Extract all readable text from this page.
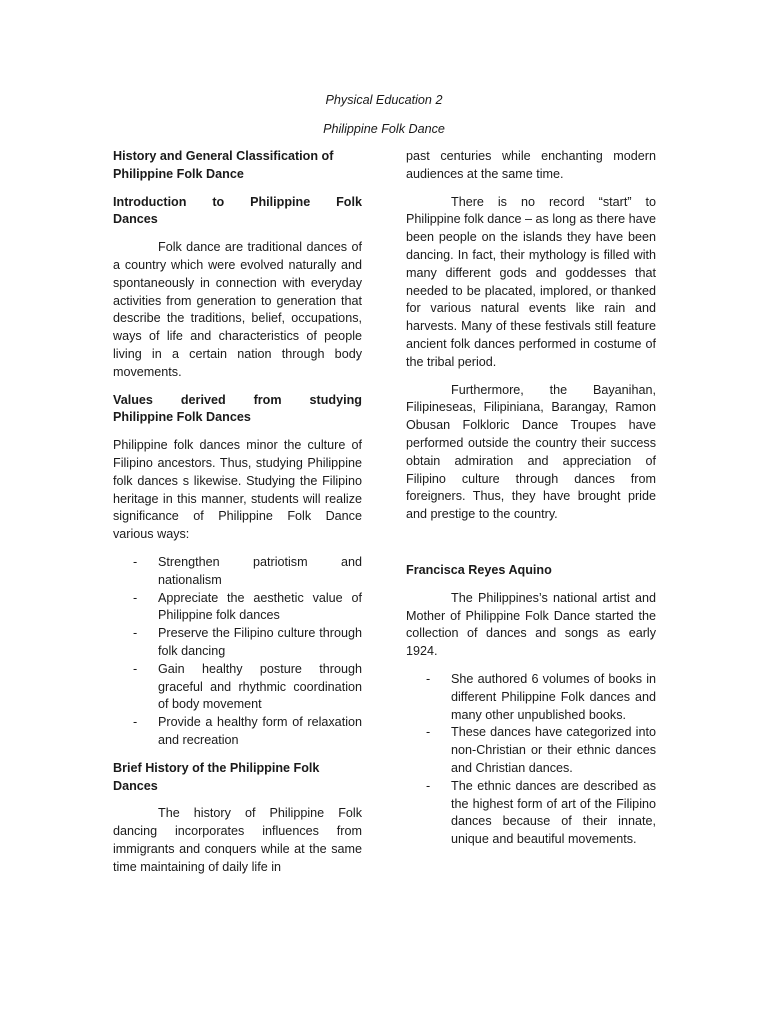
Physical Education 2
Philippine Folk Dance
History and General Classification of Philippine Folk Dance
Introduction to Philippine Folk
Dances

Folk dance are traditional dances of a country which were evolved naturally and spontaneously in connection with everyday activities from generation to generation that describe the traditions, belief, occupations, ways of life and characteristics of people living in a certain nation through body movements.

Values derived from studying
Philippine Folk Dances

Philippine folk dances minor the culture of Filipino ancestors. Thus, studying Philippine folk dances s likewise. Studying the Filipino heritage in this manner, students will realize significance of Philippine Folk Dance various ways:

- Strengthen patriotism and nationalism
- Appreciate the aesthetic value of Philippine folk dances
- Preserve the Filipino culture through folk dancing
- Gain healthy posture through graceful and rhythmic coordination of body movement
- Provide a healthy form of relaxation and recreation
Brief History of the Philippine Folk Dances

The history of Philippine Folk dancing incorporates influences from immigrants and conquers while at the same time maintaining of daily life in

past centuries while enchanting modern audiences at the same time.

There is no record “start” to Philippine folk dance – as long as there have been people on the islands they have been dancing. In fact, their mythology is filled with many different gods and goddesses that needed to be placated, implored, or thanked for various natural events like rain and harvests. Many of these festivals still feature ancient folk dances performed in costume of the tribal period.

Furthermore, the Bayanihan, Filipineseas, Filipiniana, Barangay, Ramon Obusan Folkloric Dance Troupes have performed outside the country their success obtain admiration and appreciation of Filipino culture through dances from foreigners. Thus, they have brought pride and prestige to the country.

Francisca Reyes Aquino

The Philippines’s national artist and Mother of Philippine Folk Dance started the collection of dances and songs as early 1924.

- She authored 6 volumes of books in different Philippine Folk dances and many other unpublished books.
- These dances have categorized into non-Christian or their ethnic dances and Christian dances.
- The ethnic dances are described as the highest form of art of the Filipino dances because of their innate, unique and beautiful movements.
